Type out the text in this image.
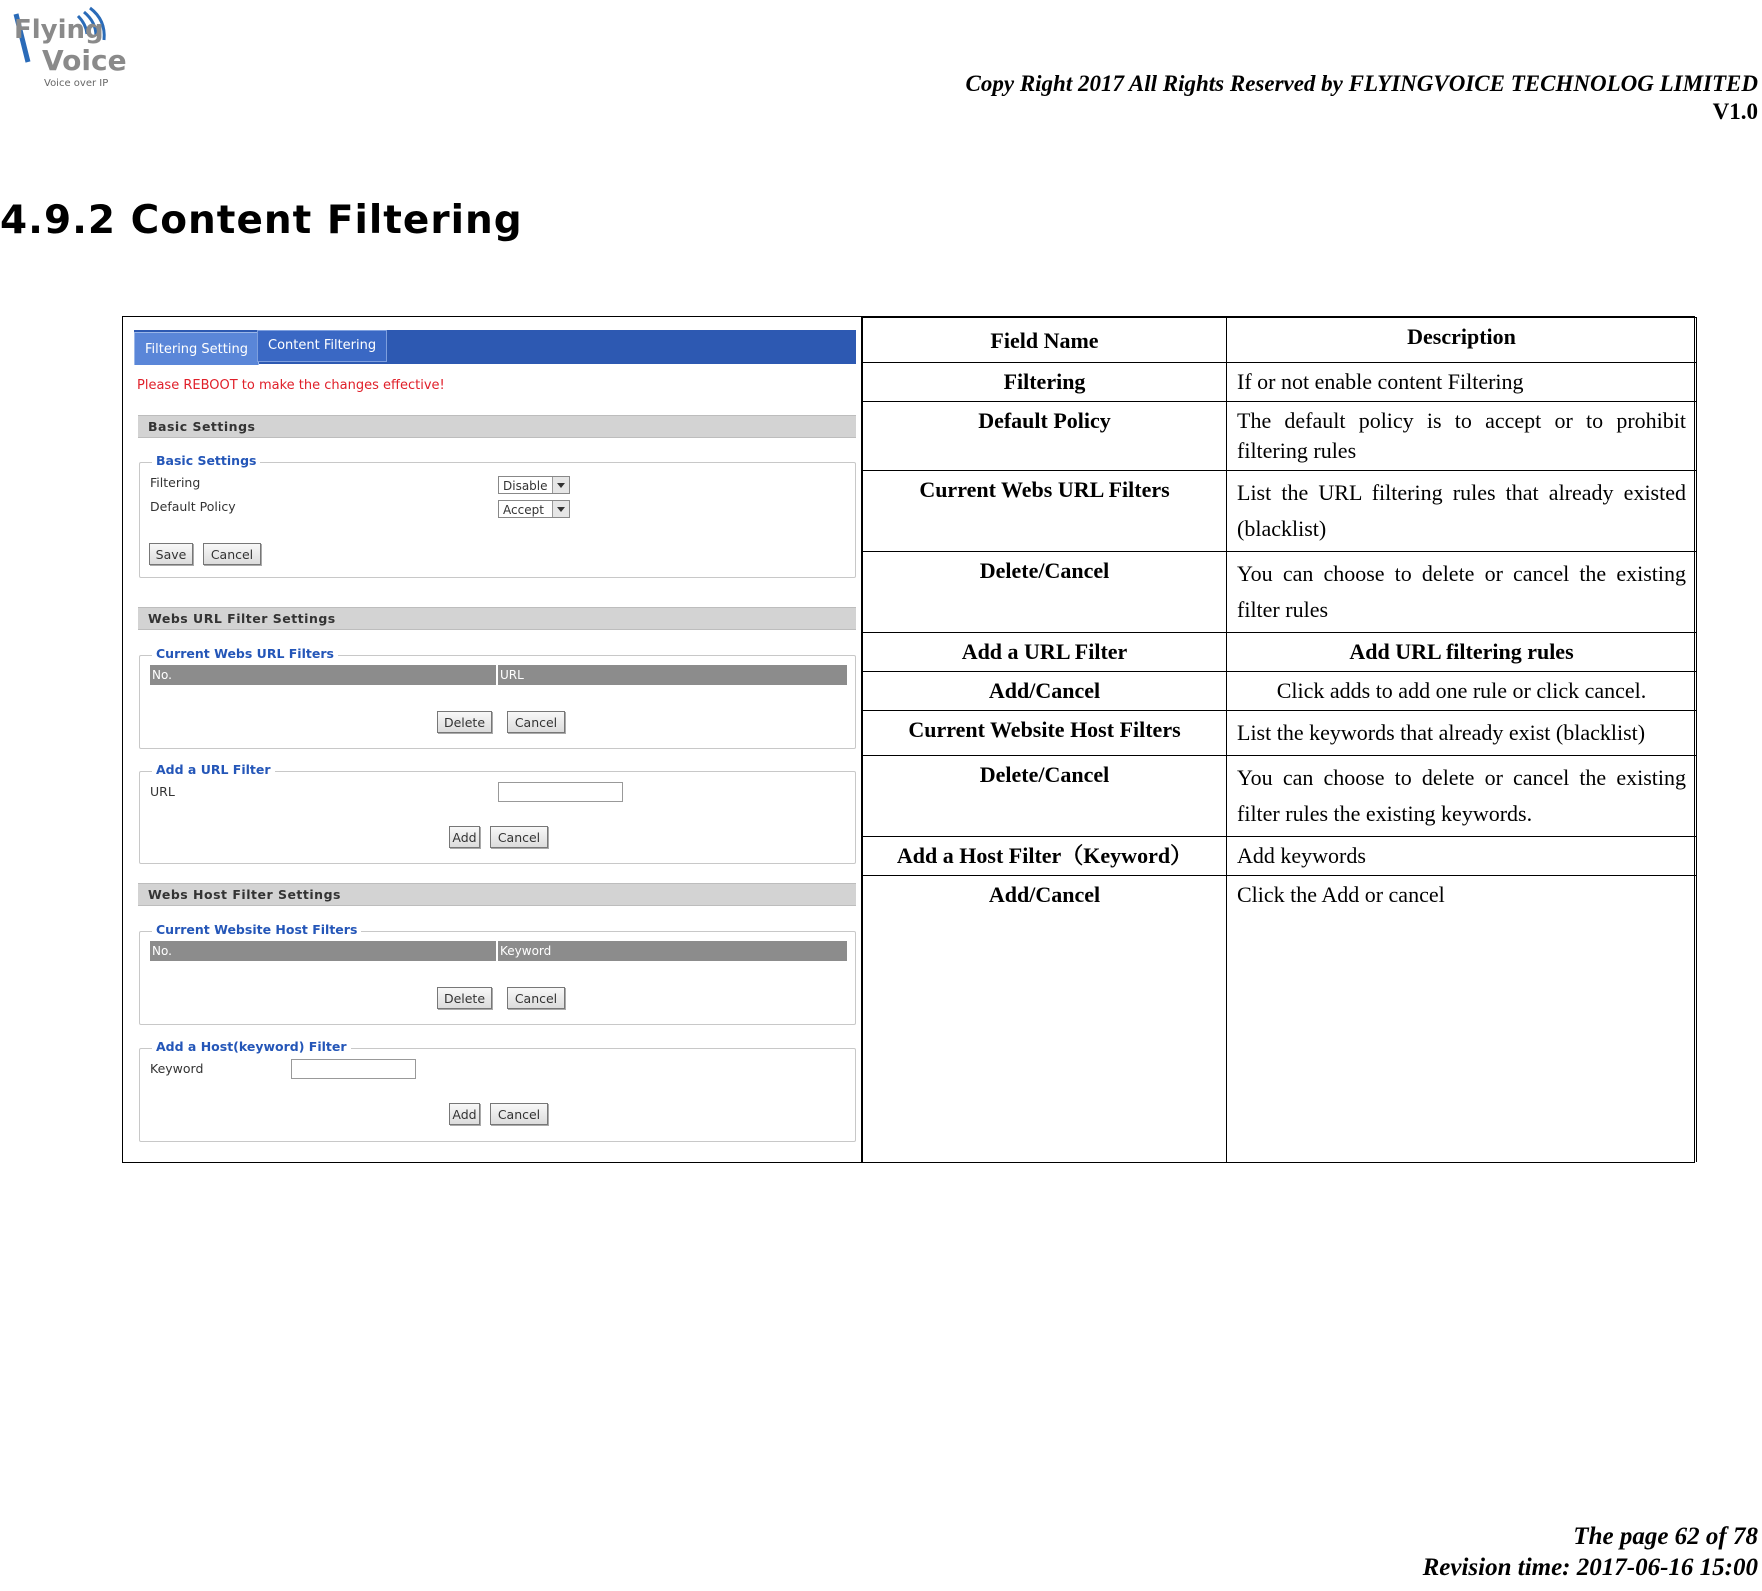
Flying
Voice
Voice over IP	Copy Right 2017 All Rights Reserved by FLYINGVOICE TECHNOLOG LIMITED
V1.0
4.9.2 Content Filtering
Filtering Setting	Content Filtering
Please REBOOT to make the changes effective!
Basic Settings
Basic Settings
Filtering	Disable
Default Policy	Accept
Save	Cancel
Webs URL Filter Settings
Current Webs URL Filters
No.	URL
Delete	Cancel
Add a URL Filter
URL
Add	Cancel
Webs Host Filter Settings
Current Website Host Filters
No.	Keyword
Delete	Cancel
Add a Host(keyword) Filter
Keyword
Add	Cancel

Field Name	Description
Filtering	If or not enable content Filtering
Default Policy	The default policy is to accept or to prohibit filtering rules
Current Webs URL Filters	List the URL filtering rules that already existed (blacklist)
Delete/Cancel	You can choose to delete or cancel the existing filter rules
Add a URL Filter	Add URL filtering rules
Add/Cancel	Click adds to add one rule or click cancel.
Current Website Host Filters	List the keywords that already exist (blacklist)
Delete/Cancel	You can choose to delete or cancel the existing filter rules the existing keywords.
Add a Host Filter（Keyword）	Add keywords
Add/Cancel	Click the Add or cancel
The page 62 of 78
Revision time: 2017-06-16 15:00
